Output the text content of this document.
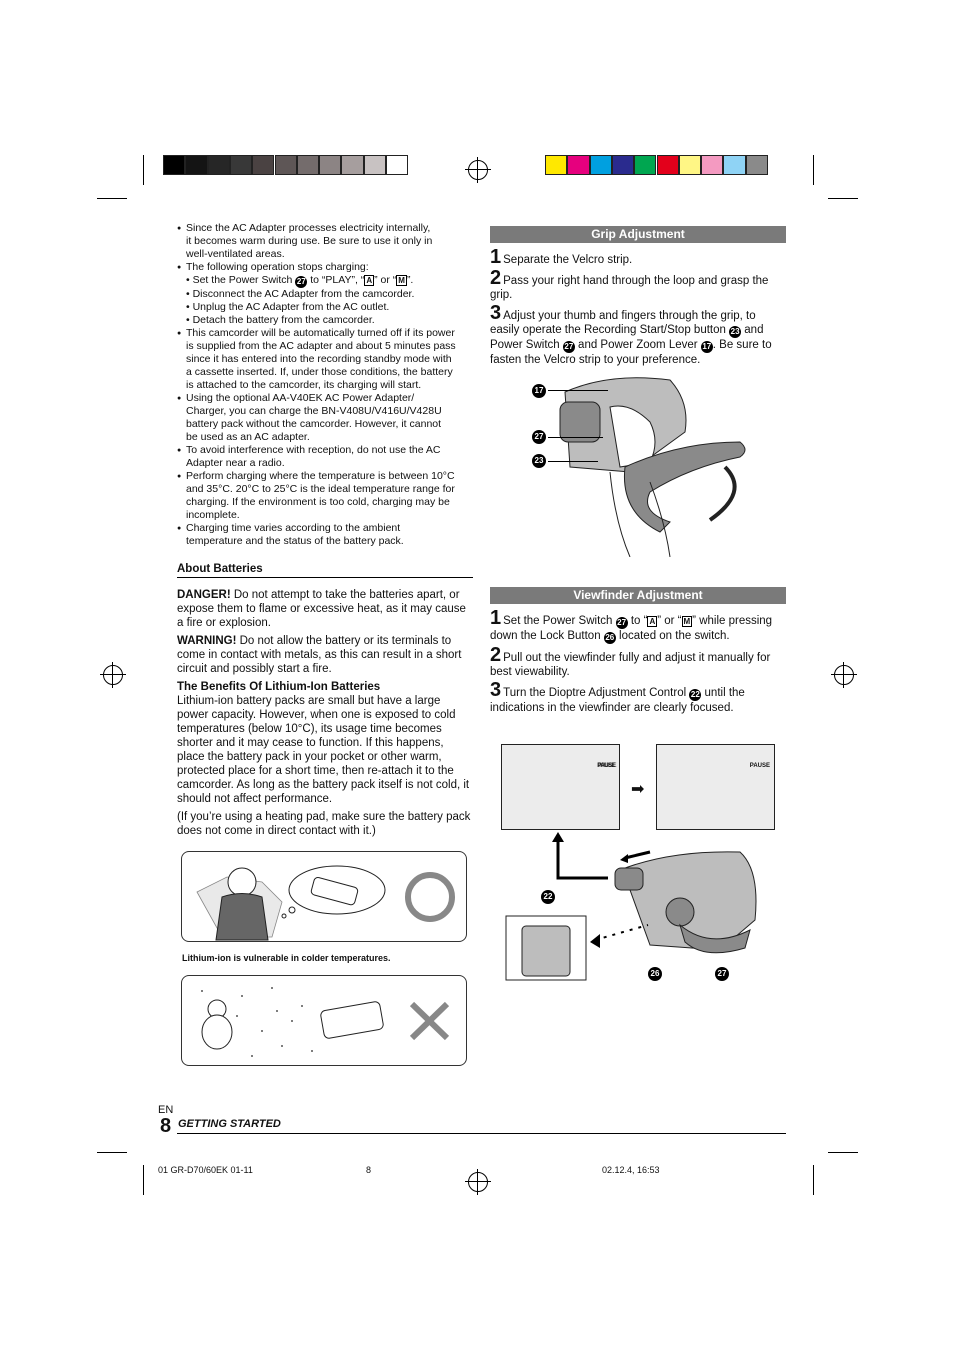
● Since the AC Adapter processes electricity internally,
it becomes warm during use. Be sure to use it only in
well-ventilated areas.
● The following operation stops charging:
• Set the Power Switch 27 to “PLAY”, “ A ” or “ M ”.
• Disconnect the AC Adapter from the camcorder.
• Unplug the AC Adapter from the AC outlet.
• Detach the battery from the camcorder.
● This camcorder will be automatically turned off if its power
is supplied from the AC adapter and about 5 minutes pass
since it has entered into the recording standby mode with
a cassette inserted. If, under those conditions, the battery
is attached to the camcorder, its charging will start.
● Using the optional AA-V40EK AC Power Adapter/
Charger, you can charge the BN-V408U/V416U/V428U
battery pack without the camcorder. However, it cannot
be used as an AC adapter.
● To avoid interference with reception, do not use the AC
Adapter near a radio.
● Perform charging where the temperature is between 10°C
and 35°C. 20°C to 25°C is the ideal temperature range for
charging. If the environment is too cold, charging may be
incomplete.
● Charging time varies according to the ambient
temperature and the status of the battery pack.
About Batteries

DANGER! Do not attempt to take the batteries apart, or expose them to flame or excessive heat, as it may cause a fire or explosion.

WARNING! Do not allow the battery or its terminals to come in contact with metals, as this can result in a short circuit and possibly start a fire.

The Benefits Of Lithium-Ion Batteries
Lithium-ion battery packs are small but have a large power capacity. However, when one is exposed to cold temperatures (below 10°C), its usage time becomes shorter and it may cease to function. If this happens, place the battery pack in your pocket or other warm, protected place for a short time, then re-attach it to the camcorder. As long as the battery pack itself is not cold, it should not affect performance.

(If you’re using a heating pad, make sure the battery pack does not come in direct contact with it.)

Lithium-ion is vulnerable in colder temperatures.
Grip Adjustment

1 Separate the Velcro strip.

2 Pass your right hand through the loop and grasp the grip.

3 Adjust your thumb and fingers through the grip, to easily operate the Recording Start/Stop button 23 and Power Switch 27 and Power Zoom Lever 17 . Be sure to fasten the Velcro strip to your preference.

17
27
23
Viewfinder Adjustment

1 Set the Power Switch 27 to “ A ” or “ M ” while pressing down the Lock Button 26 located on the switch.

2 Pull out the viewfinder fully and adjust it manually for best viewability.

3 Turn the Dioptre Adjustment Control 22 until the indications in the viewfinder are clearly focused.

PAUSE
➡
PAUSE
22
26	27
EN
8 GETTING STARTED
01 GR-D70/60EK 01-11	8	02.12.4, 16:53
